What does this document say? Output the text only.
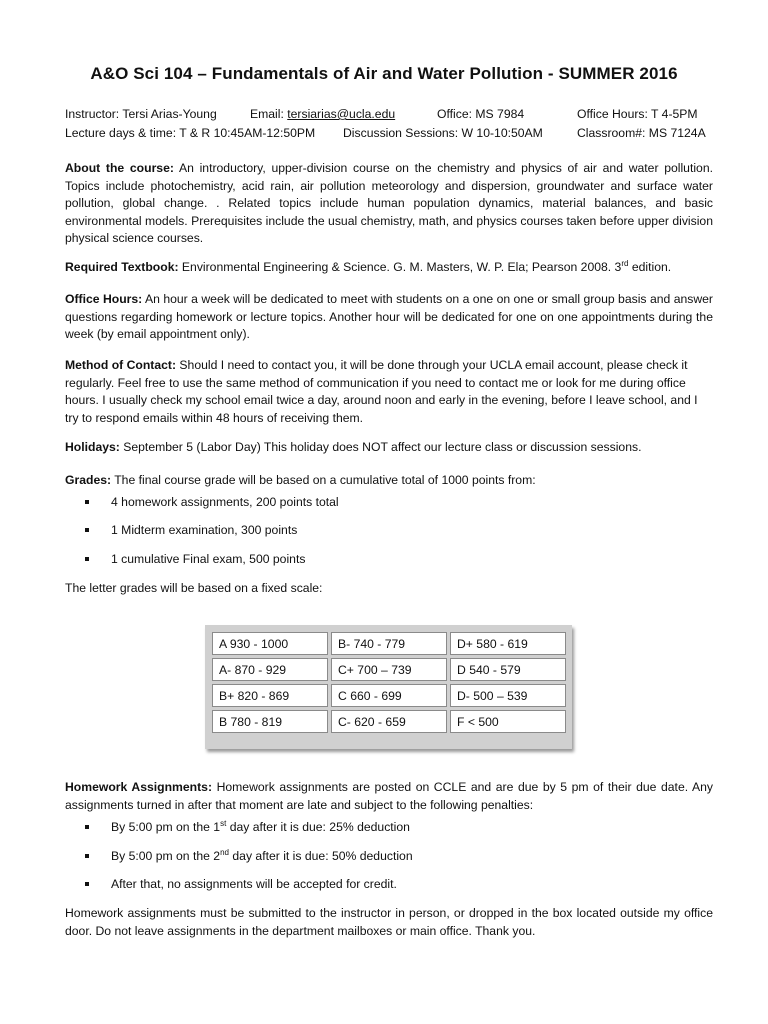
A&O Sci 104 – Fundamentals of Air and Water Pollution - SUMMER 2016
Instructor: Tersi Arias-Young	Email: tersiarias@ucla.edu	Office: MS 7984	Office Hours: T 4-5PM
Lecture days & time: T & R 10:45AM-12:50PM Discussion Sessions: W 10-10:50AM	Classroom#: MS 7124A
About the course: An introductory, upper-division course on the chemistry and physics of air and water pollution. Topics include photochemistry, acid rain, air pollution meteorology and dispersion, groundwater and surface water pollution, global change. . Related topics include human population dynamics, material balances, and basic environmental models. Prerequisites include the usual chemistry, math, and physics courses taken before upper division physical science courses.
Required Textbook: Environmental Engineering & Science. G. M. Masters, W. P. Ela; Pearson 2008. 3rd edition.
Office Hours: An hour a week will be dedicated to meet with students on a one on one or small group basis and answer questions regarding homework or lecture topics. Another hour will be dedicated for one on one appointments during the week (by email appointment only).
Method of Contact: Should I need to contact you, it will be done through your UCLA email account, please check it regularly. Feel free to use the same method of communication if you need to contact me or look for me during office hours. I usually check my school email twice a day, around noon and early in the evening, before I leave school, and I try to respond emails within 48 hours of receiving them.
Holidays: September 5 (Labor Day) This holiday does NOT affect our lecture class or discussion sessions.
Grades: The final course grade will be based on a cumulative total of 1000 points from:
4 homework assignments, 200 points total
1 Midterm examination, 300 points
1 cumulative Final exam, 500 points
The letter grades will be based on a fixed scale:
A 930 - 1000	B- 740 - 779	D+ 580 - 619
A- 870 - 929	C+ 700 – 739	D 540 - 579
B+ 820 - 869	C 660 - 699	D- 500 – 539
B 780 - 819	C- 620 - 659	F < 500
Homework Assignments: Homework assignments are posted on CCLE and are due by 5 pm of their due date. Any assignments turned in after that moment are late and subject to the following penalties:
By 5:00 pm on the 1st day after it is due: 25% deduction
By 5:00 pm on the 2nd day after it is due: 50% deduction
After that, no assignments will be accepted for credit.
Homework assignments must be submitted to the instructor in person, or dropped in the box located outside my office door. Do not leave assignments in the department mailboxes or main office. Thank you.
